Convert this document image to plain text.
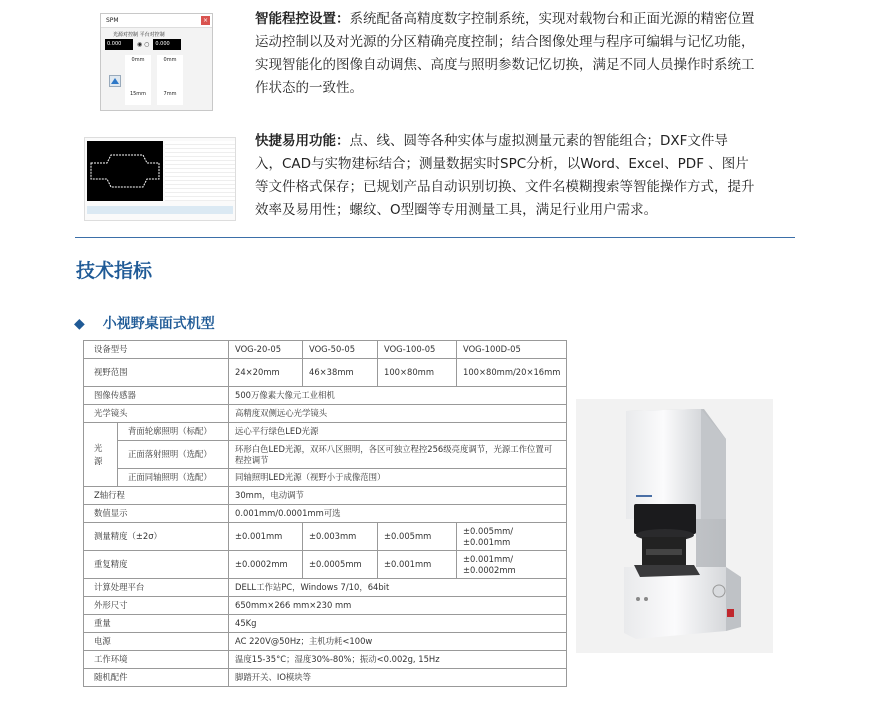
SPM	×
光源对控制 平台对控制
0.000	◉ ○	0.000
0mm
15mm
0mm
7mm
智能程控设置：系统配备高精度数字控制系统，实现对载物台和正面光源的精密位置
运动控制以及对光源的分区精确亮度控制；结合图像处理与程序可编辑与记忆功能，
实现智能化的图像自动调焦、高度与照明参数记忆切换，满足不同人员操作时系统工
作状态的一致性。
快捷易用功能：点、线、圆等各种实体与虚拟测量元素的智能组合；DXF文件导
入，CAD与实物建标结合；测量数据实时SPC分析，以Word、Excel、PDF 、图片
等文件格式保存；已规划产品自动识别切换、文件名模糊搜索等智能操作方式，提升
效率及易用性；螺纹、O型圈等专用测量工具，满足行业用户需求。
技术指标
◆ 小视野桌面式机型
设备型号		VOG-20-05	VOG-50-05	VOG-100-05	VOG-100D-05
视野范围		24×20mm	46×38mm	100×80mm	100×80mm/20×16mm
图像传感器		500万像素大像元工业相机			
光学镜头		高精度双侧远心光学镜头			
光源	背面轮廓照明（标配）	远心平行绿色LED光源			
	正面落射照明（选配）	环形白色LED光源，双环八区照明，各区可独立程控256级亮度调节，光源工作位置可程控调节			
	正面同轴照明（选配）	同轴照明LED光源（视野小于成像范围）			
Z轴行程		30mm，电动调节			
数值显示		0.001mm/0.0001mm可选			
测量精度（±2σ）		±0.001mm	±0.003mm	±0.005mm	±0.005mm/±0.001mm
重复精度		±0.0002mm	±0.0005mm	±0.001mm	±0.001mm/±0.0002mm
计算处理平台		DELL工作站PC，Windows 7/10，64bit			
外形尺寸		650mm×266 mm×230 mm			
重量		45Kg			
电源		AC 220V@50Hz；主机功耗<100w			
工作环境		温度15-35°C；湿度30%-80%；振动<0.002g, 15Hz			
随机配件		脚踏开关、IO模块等			
